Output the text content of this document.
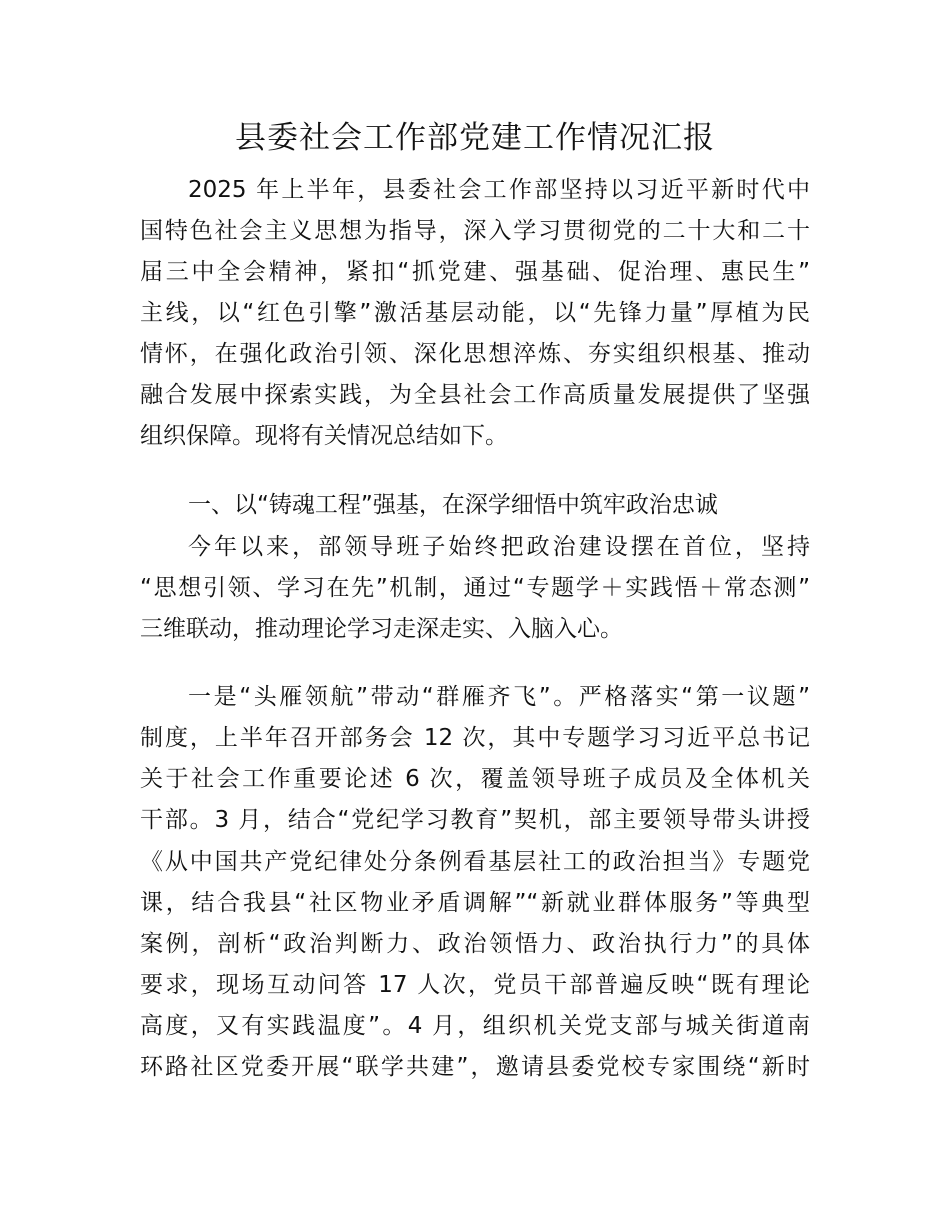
县委社会工作部党建工作情况汇报
2025 年上半年，县委社会工作部坚持以习近平新时代中
国特色社会主义思想为指导，深入学习贯彻党的二十大和二十
届三中全会精神，紧扣“抓党建、强基础、促治理、惠民生”
主线，以“红色引擎”激活基层动能，以“先锋力量”厚植为民
情怀，在强化政治引领、深化思想淬炼、夯实组织根基、推动
融合发展中探索实践，为全县社会工作高质量发展提供了坚强
组织保障。现将有关情况总结如下。
一、以“铸魂工程”强基，在深学细悟中筑牢政治忠诚
今年以来，部领导班子始终把政治建设摆在首位，坚持
“思想引领、学习在先”机制，通过“专题学＋实践悟＋常态测”
三维联动，推动理论学习走深走实、入脑入心。
一是“头雁领航”带动“群雁齐飞”。严格落实“第一议题”
制度，上半年召开部务会 12 次，其中专题学习习近平总书记
关于社会工作重要论述 6 次，覆盖领导班子成员及全体机关
干部。3 月，结合“党纪学习教育”契机，部主要领导带头讲授
《从中国共产党纪律处分条例看基层社工的政治担当》专题党
课，结合我县“社区物业矛盾调解”“新就业群体服务”等典型
案例，剖析“政治判断力、政治领悟力、政治执行力”的具体
要求，现场互动问答 17 人次，党员干部普遍反映“既有理论
高度，又有实践温度”。4 月，组织机关党支部与城关街道南
环路社区党委开展“联学共建”，邀请县委党校专家围绕“新时
